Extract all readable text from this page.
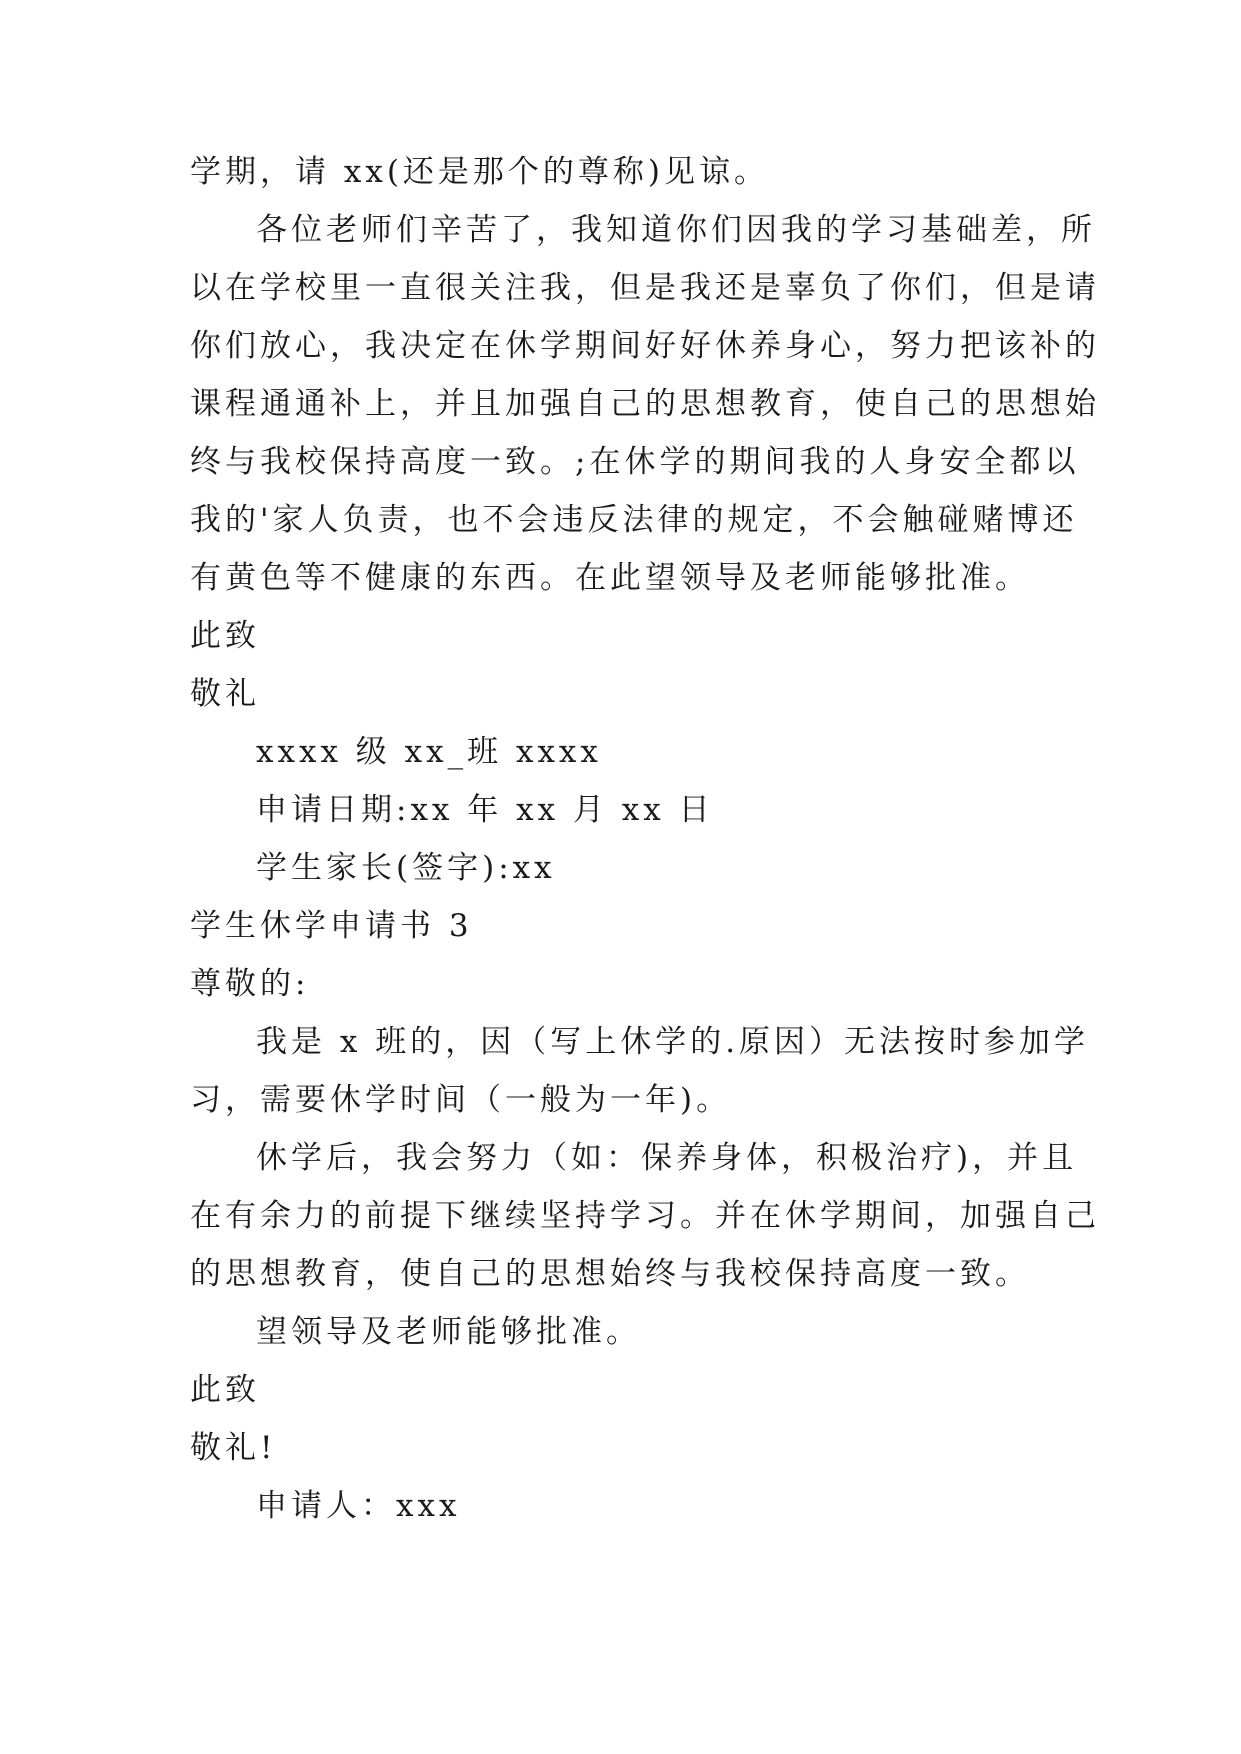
学期，请 xx(还是那个的尊称)见谅。
各位老师们辛苦了，我知道你们因我的学习基础差，所
以在学校里一直很关注我，但是我还是辜负了你们，但是请
你们放心，我决定在休学期间好好休养身心，努力把该补的
课程通通补上，并且加强自己的思想教育，使自己的思想始
终与我校保持高度一致。;在休学的期间我的人身安全都以
我的'家人负责，也不会违反法律的规定，不会触碰赌博还
有黄色等不健康的东西。在此望领导及老师能够批准。
此致
敬礼
xxxx 级 xx_班 xxxx
申请日期:xx 年 xx 月 xx 日
学生家长(签字):xx
学生休学申请书 3
尊敬的:
我是 x 班的，因（写上休学的.原因）无法按时参加学
习，需要休学时间（一般为一年)。
休学后，我会努力（如：保养身体，积极治疗)，并且
在有余力的前提下继续坚持学习。并在休学期间，加强自己
的思想教育，使自己的思想始终与我校保持高度一致。
望领导及老师能够批准。
此致
敬礼!
申请人：xxx
